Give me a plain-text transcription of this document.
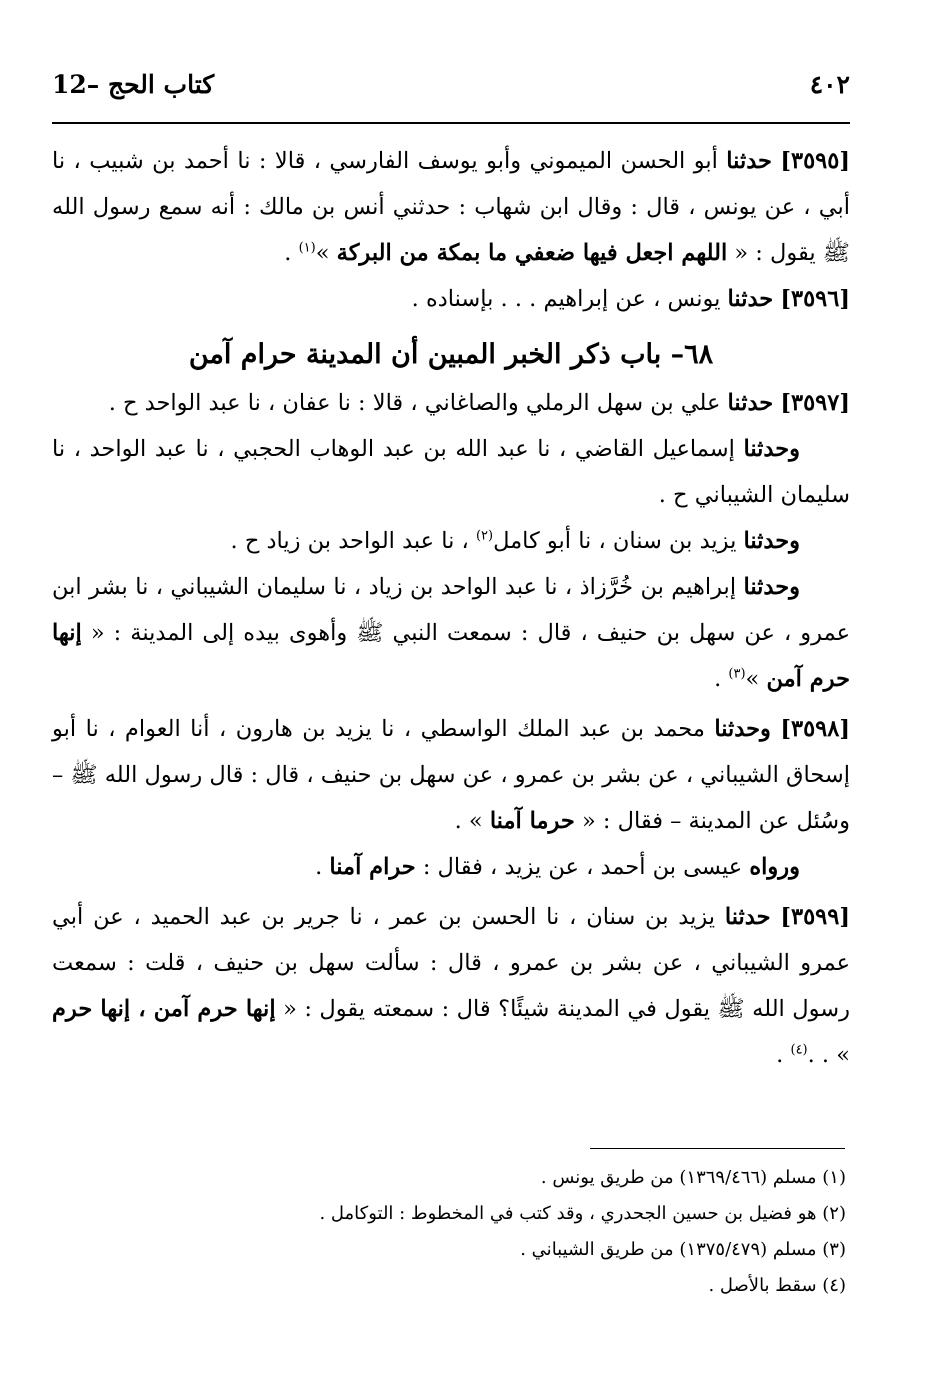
12– كتاب الحج	٤٠٢

[٣٥٩٥] حدثنا أبو الحسن الميموني وأبو يوسف الفارسي ، قالا : نا أحمد بن شبيب ، نا أبي ، عن يونس ، قال : وقال ابن شهاب : حدثني أنس بن مالك : أنه سمع رسول الله ﷺ يقول : « اللهم اجعل فيها ضعفي ما بمكة من البركة »$^{(١)}$ .

[٣٥٩٦] حدثنا يونس ، عن إبراهيم . . . بإسناده .

٦٨– باب ذكر الخبر المبين أن المدينة حرام آمن

[٣٥٩٧] حدثنا علي بن سهل الرملي والصاغاني ، قالا : نا عفان ، نا عبد الواحد ح .

وحدثنا إسماعيل القاضي ، نا عبد الله بن عبد الوهاب الحجبي ، نا عبد الواحد ، نا سليمان الشيباني ح .

وحدثنا يزيد بن سنان ، نا أبو كامل$^{(٢)}$ ، نا عبد الواحد بن زياد ح .

وحدثنا إبراهيم بن خُرَّزاذ ، نا عبد الواحد بن زياد ، نا سليمان الشيباني ، نا بشر ابن عمرو ، عن سهل بن حنيف ، قال : سمعت النبي ﷺ وأهوى بيده إلى المدينة : « إنها حرم آمن »$^{(٣)}$ .

[٣٥٩٨] وحدثنا محمد بن عبد الملك الواسطي ، نا يزيد بن هارون ، أنا العوام ، نا أبو إسحاق الشيباني ، عن بشر بن عمرو ، عن سهل بن حنيف ، قال : قال رسول الله ﷺ – وسُئل عن المدينة – فقال : « حرما آمنا » .

ورواه عيسى بن أحمد ، عن يزيد ، فقال : حرام آمنا .

[٣٥٩٩] حدثنا يزيد بن سنان ، نا الحسن بن عمر ، نا جرير بن عبد الحميد ، عن أبي عمرو الشيباني ، عن بشر بن عمرو ، قال : سألت سهل بن حنيف ، قلت : سمعت رسول الله ﷺ يقول في المدينة شيئًا؟ قال : سمعته يقول : « إنها حرم آمن ، إنها حرم » . .$^{(٤)}$ .

(١) مسلم (١٣٦٩/٤٦٦) من طريق يونس .

(٢) هو فضيل بن حسين الجحدري ، وقد كتب في المخطوط : التوكامل .

(٣) مسلم (١٣٧٥/٤٧٩) من طريق الشيباني .

(٤) سقط بالأصل .
